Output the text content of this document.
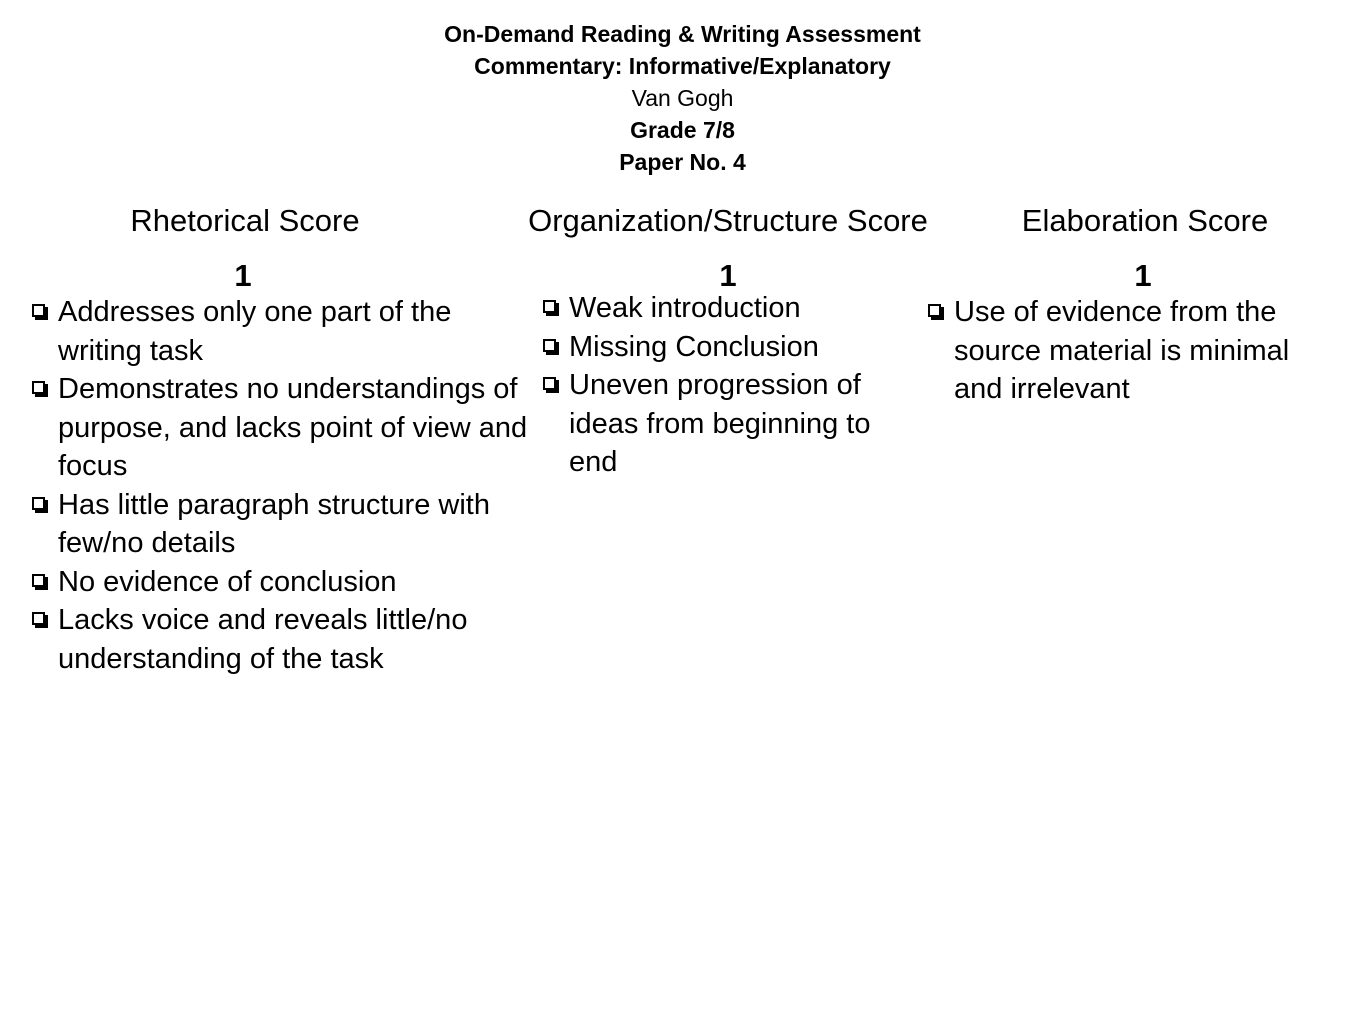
On-Demand Reading & Writing Assessment
Commentary: Informative/Explanatory
Van Gogh
Grade 7/8
Paper No. 4
Rhetorical Score
1
Addresses only one part of the writing task
Demonstrates no understandings of purpose, and lacks point of view and focus
Has little paragraph structure with few/no details
No evidence of conclusion
Lacks voice and reveals little/no understanding of the task
Organization/Structure Score
1
Weak introduction
Missing Conclusion
Uneven progression of ideas from beginning to end
Elaboration Score
1
Use of evidence from the source material is minimal and irrelevant
